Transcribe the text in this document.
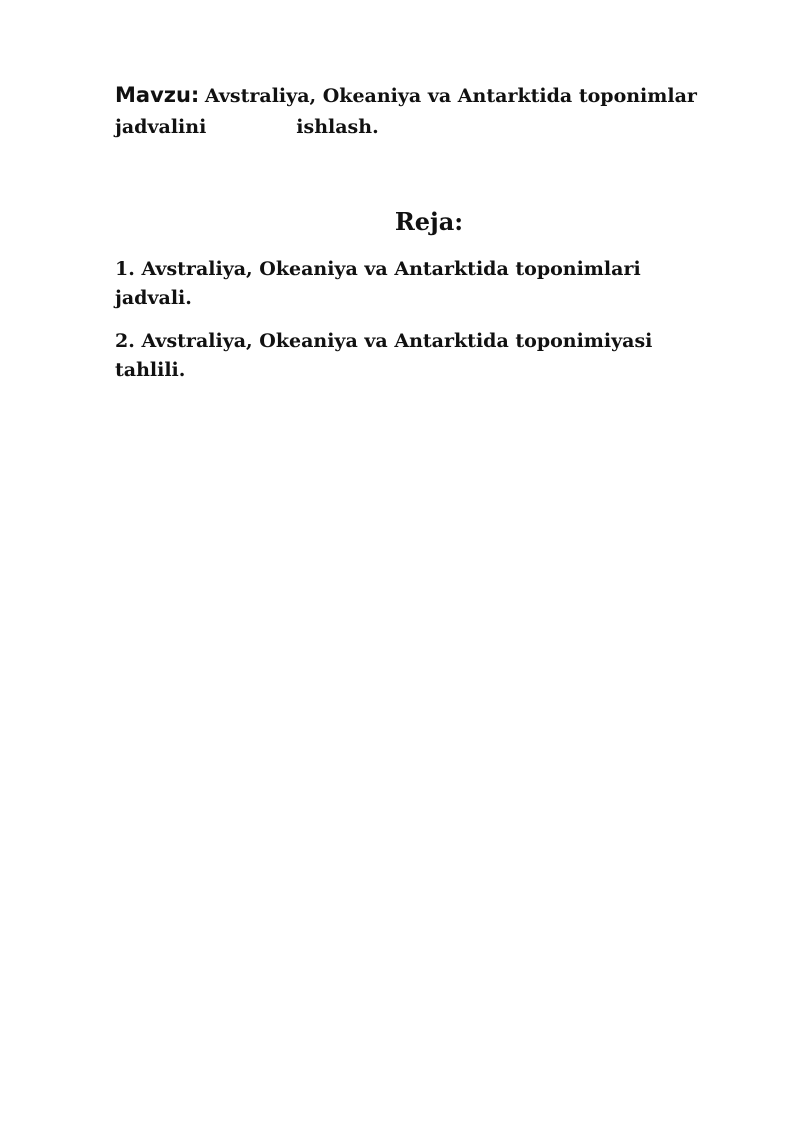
Mavzu: Avstraliya, Okeaniya va Antarktida toponimlar
jadvalini	ishlash.
Reja:
1. Avstraliya, Okeaniya va Antarktida toponimlari
jadvali.
2. Avstraliya, Okeaniya va Antarktida toponimiyasi
tahlili.
